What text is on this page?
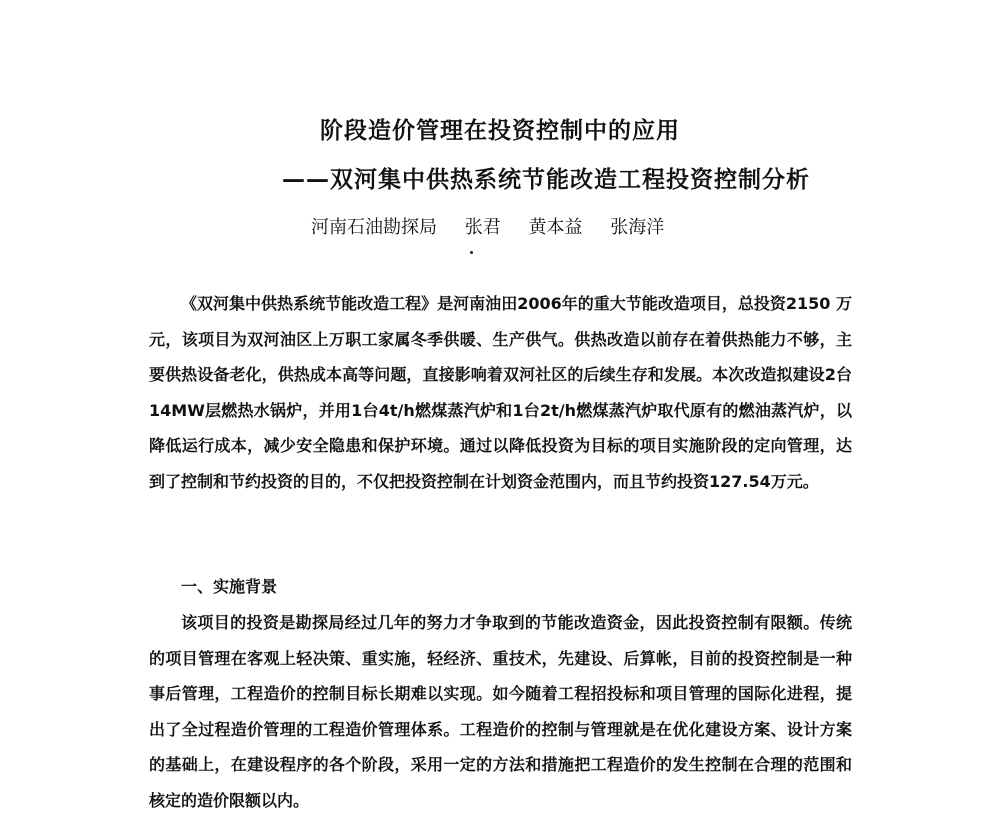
阶段造价管理在投资控制中的应用
——双河集中供热系统节能改造工程投资控制分析
河南石油勘探局 张君 黄本益 张海洋

《双河集中供热系统节能改造工程》是河南油田2006年的重大节能改造项目，总投资2150 万元，该项目为双河油区上万职工家属冬季供暖、生产供气。供热改造以前存在着供热能力不够，主要供热设备老化，供热成本高等问题，直接影响着双河社区的后续生存和发展。本次改造拟建设2台14MW层燃热水锅炉，并用1台4t/h燃煤蒸汽炉和1台2t/h燃煤蒸汽炉取代原有的燃油蒸汽炉，以降低运行成本，减少安全隐患和保护环境。通过以降低投资为目标的项目实施阶段的定向管理，达到了控制和节约投资的目的，不仅把投资控制在计划资金范围内，而且节约投资127.54万元。

一、实施背景

该项目的投资是勘探局经过几年的努力才争取到的节能改造资金，因此投资控制有限额。传统的项目管理在客观上轻决策、重实施，轻经济、重技术，先建设、后算帐，目前的投资控制是一种事后管理，工程造价的控制目标长期难以实现。如今随着工程招投标和项目管理的国际化进程，提出了全过程造价管理的工程造价管理体系。工程造价的控制与管理就是在优化建设方案、设计方案的基础上，在建设程序的各个阶段，采用一定的方法和措施把工程造价的发生控制在合理的范围和核定的造价限额以内。
